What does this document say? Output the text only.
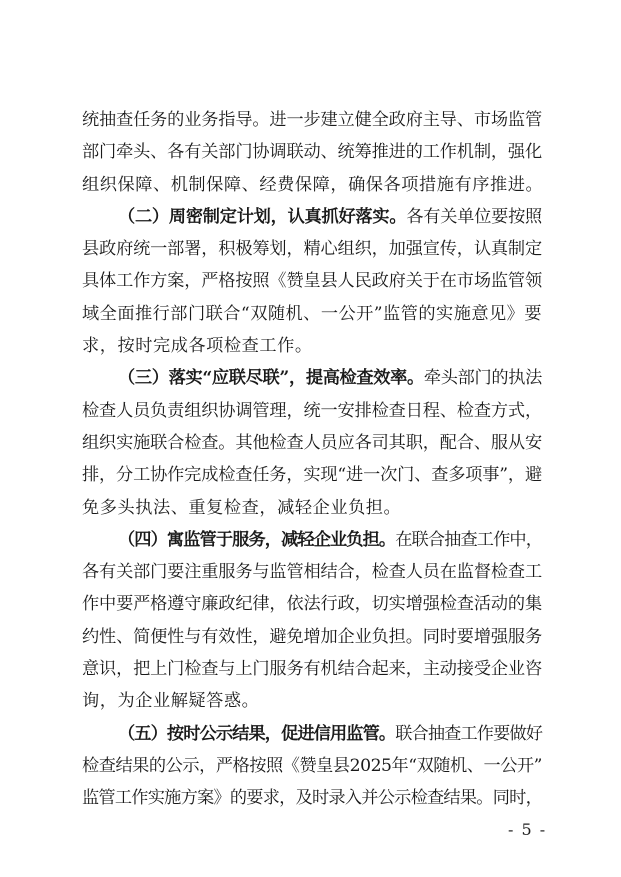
统抽查任务的业务指导。进一步建立健全政府主导、市场监管
部门牵头、各有关部门协调联动、统筹推进的工作机制，强化
组织保障、机制保障、经费保障，确保各项措施有序推进。
（二）周密制定计划，认真抓好落实。各有关单位要按照
县政府统一部署，积极筹划，精心组织，加强宣传，认真制定
具体工作方案，严格按照《赞皇县人民政府关于在市场监管领
域全面推行部门联合“双随机、一公开”监管的实施意见》要
求，按时完成各项检查工作。
（三）落实“应联尽联”，提高检查效率。牵头部门的执法
检查人员负责组织协调管理，统一安排检查日程、检查方式，
组织实施联合检查。其他检查人员应各司其职，配合、服从安
排，分工协作完成检查任务，实现“进一次门、查多项事”，避
免多头执法、重复检查，减轻企业负担。
（四）寓监管于服务，减轻企业负担。在联合抽查工作中，
各有关部门要注重服务与监管相结合，检查人员在监督检查工
作中要严格遵守廉政纪律，依法行政，切实增强检查活动的集
约性、简便性与有效性，避免增加企业负担。同时要增强服务
意识，把上门检查与上门服务有机结合起来，主动接受企业咨
询，为企业解疑答惑。
（五）按时公示结果，促进信用监管。联合抽查工作要做好
检查结果的公示，严格按照《赞皇县2025年“双随机、一公开”
监管工作实施方案》的要求，及时录入并公示检查结果。同时，
- 5 -
